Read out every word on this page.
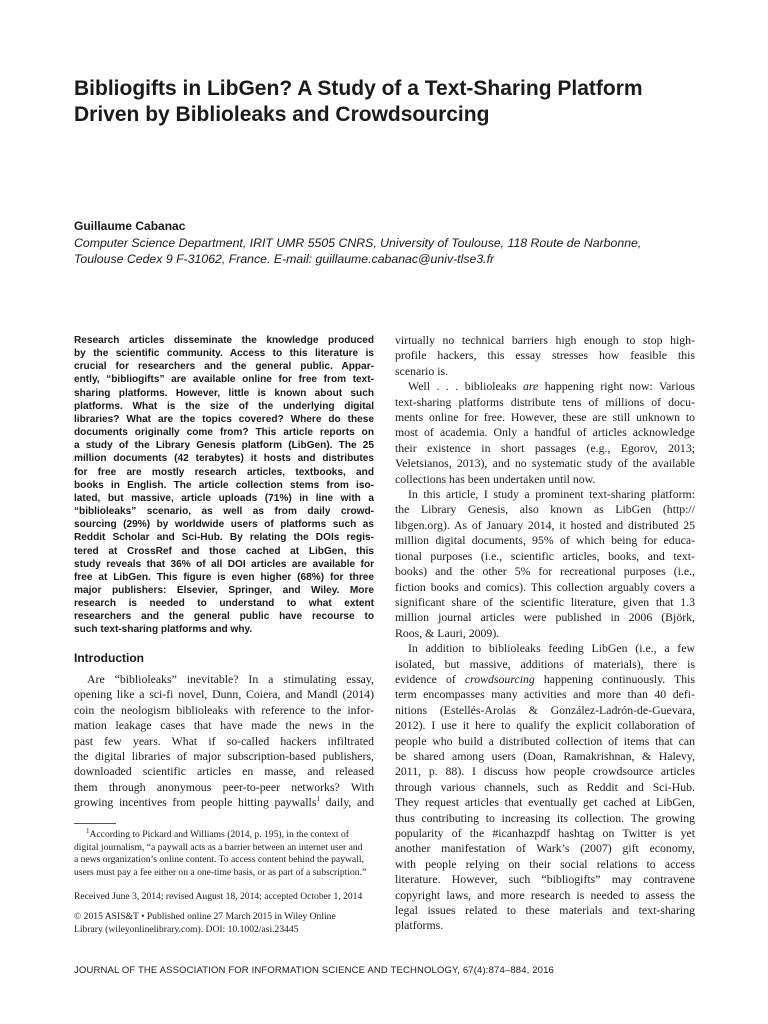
Bibliogifts in LibGen? A Study of a Text-Sharing Platform
Driven by Biblioleaks and Crowdsourcing
Guillaume Cabanac
Computer Science Department, IRIT UMR 5505 CNRS, University of Toulouse, 118 Route de Narbonne,
Toulouse Cedex 9 F-31062, France. E-mail: guillaume.cabanac@univ-tlse3.fr
Research articles disseminate the knowledge produced
by the scientific community. Access to this literature is
crucial for researchers and the general public. Appar-
ently, “bibliogifts” are available online for free from text-
sharing platforms. However, little is known about such
platforms. What is the size of the underlying digital
libraries? What are the topics covered? Where do these
documents originally come from? This article reports on
a study of the Library Genesis platform (LibGen). The 25
million documents (42 terabytes) it hosts and distributes
for free are mostly research articles, textbooks, and
books in English. The article collection stems from iso-
lated, but massive, article uploads (71%) in line with a
“biblioleaks” scenario, as well as from daily crowd-
sourcing (29%) by worldwide users of platforms such as
Reddit Scholar and Sci-Hub. By relating the DOIs regis-
tered at CrossRef and those cached at LibGen, this
study reveals that 36% of all DOI articles are available for
free at LibGen. This figure is even higher (68%) for three
major publishers: Elsevier, Springer, and Wiley. More
research is needed to understand to what extent
researchers and the general public have recourse to
such text-sharing platforms and why.
Introduction
Are “biblioleaks” inevitable? In a stimulating essay,
opening like a sci-fi novel, Dunn, Coiera, and Mandl (2014)
coin the neologism biblioleaks with reference to the infor-
mation leakage cases that have made the news in the
past few years. What if so-called hackers infiltrated
the digital libraries of major subscription-based publishers,
downloaded scientific articles en masse, and released
them through anonymous peer-to-peer networks? With
growing incentives from people hitting paywalls$^1$ daily, and
virtually no technical barriers high enough to stop high-
profile hackers, this essay stresses how feasible this
scenario is.
Well . . . biblioleaks are happening right now: Various
text-sharing platforms distribute tens of millions of docu-
ments online for free. However, these are still unknown to
most of academia. Only a handful of articles acknowledge
their existence in short passages (e.g., Egorov, 2013;
Veletsianos, 2013), and no systematic study of the available
collections has been undertaken until now.
In this article, I study a prominent text-sharing platform:
the Library Genesis, also known as LibGen (http://
libgen.org). As of January 2014, it hosted and distributed 25
million digital documents, 95% of which being for educa-
tional purposes (i.e., scientific articles, books, and text-
books) and the other 5% for recreational purposes (i.e.,
fiction books and comics). This collection arguably covers a
significant share of the scientific literature, given that 1.3
million journal articles were published in 2006 (Björk,
Roos, & Lauri, 2009).
In addition to biblioleaks feeding LibGen (i.e., a few
isolated, but massive, additions of materials), there is
evidence of crowdsourcing happening continuously. This
term encompasses many activities and more than 40 defi-
nitions (Estellés-Arolas & González-Ladrón-de-Guevara,
2012). I use it here to qualify the explicit collaboration of
people who build a distributed collection of items that can
be shared among users (Doan, Ramakrishnan, & Halevy,
2011, p. 88). I discuss how people crowdsource articles
through various channels, such as Reddit and Sci-Hub.
They request articles that eventually get cached at LibGen,
thus contributing to increasing its collection. The growing
popularity of the #icanhazpdf hashtag on Twitter is yet
another manifestation of Wark’s (2007) gift economy,
with people relying on their social relations to access
literature. However, such “bibliogifts” may contravene
copyright laws, and more research is needed to assess the
legal issues related to these materials and text-sharing
platforms.
$^1$According to Pickard and Williams (2014, p. 195), in the context of
digital journalism, “a paywall acts as a barrier between an internet user and
a news organization’s online content. To access content behind the paywall,
users must pay a fee either on a one-time basis, or as part of a subscription.”
Received June 3, 2014; revised August 18, 2014; accepted October 1, 2014
© 2015 ASIS&T • Published online 27 March 2015 in Wiley Online
Library (wileyonlinelibrary.com). DOI: 10.1002/asi.23445
JOURNAL OF THE ASSOCIATION FOR INFORMATION SCIENCE AND TECHNOLOGY, 67(4):874–884, 2016
